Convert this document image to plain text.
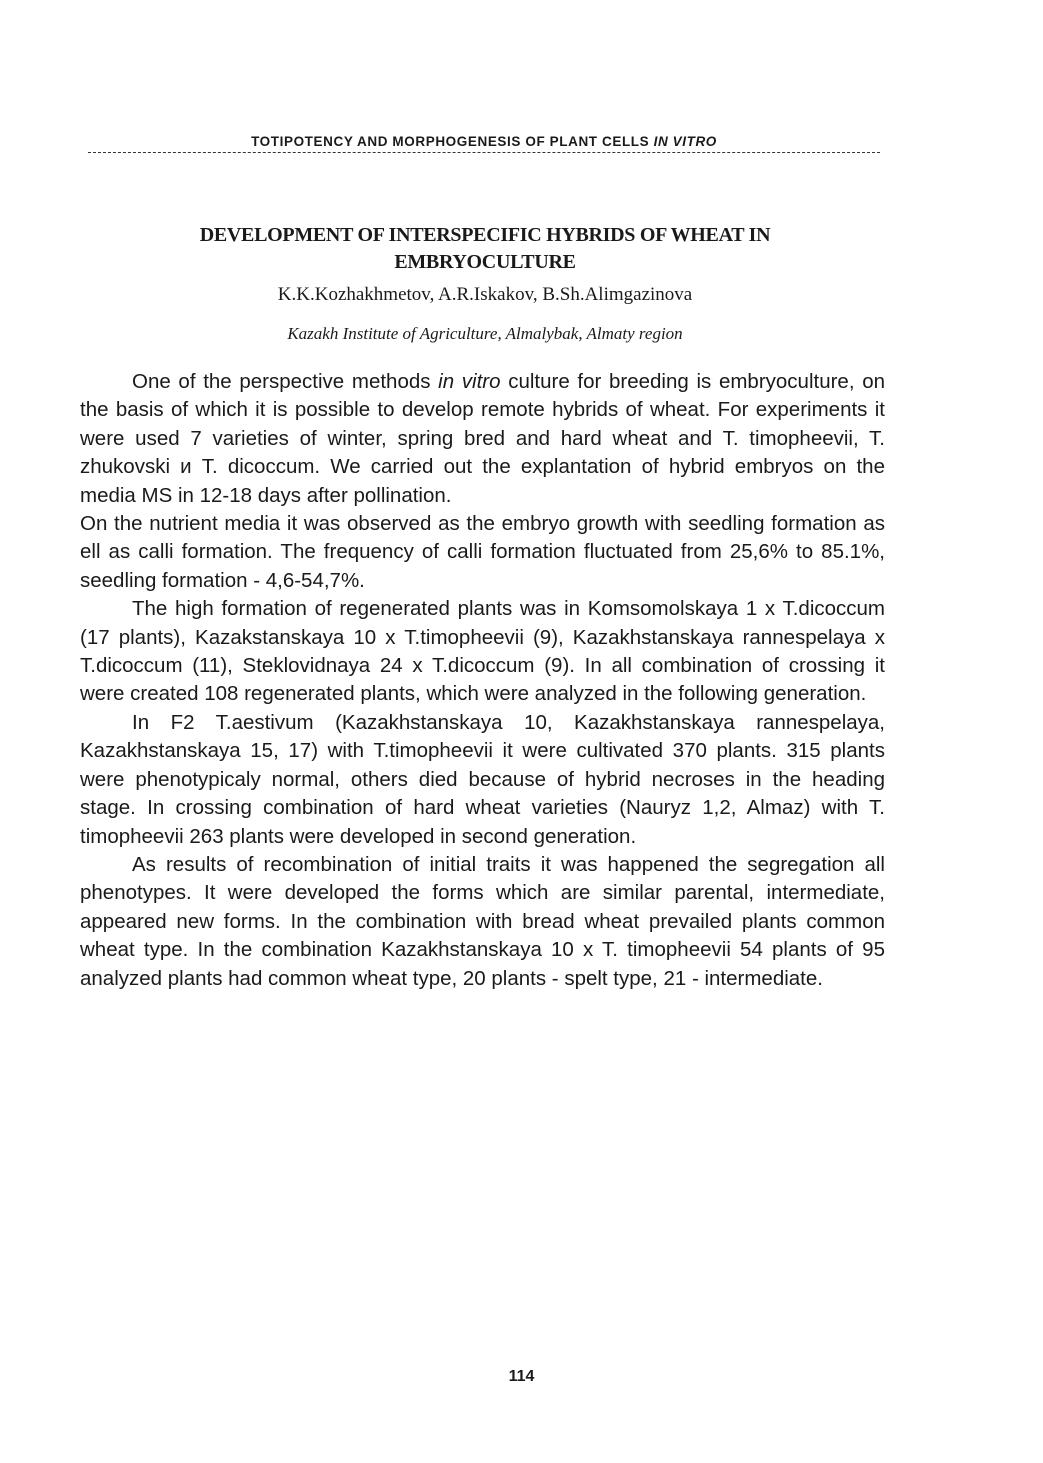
TOTIPOTENCY AND MORPHOGENESIS OF PLANT CELLS IN VITRO
DEVELOPMENT OF INTERSPECIFIC HYBRIDS OF WHEAT IN EMBRYOCULTURE
K.K.Kozhakhmetov, A.R.Iskakov, B.Sh.Alimgazinova
Kazakh Institute of Agriculture, Almalybak, Almaty region

One of the perspective methods in vitro culture for breeding is embryoculture, on the basis of which it is possible to develop remote hybrids of wheat. For experiments it were used 7 varieties of winter, spring bred and hard wheat and T. timopheevii, T. zhukovski и T. dicoccum. We carried out the explantation of hybrid embryos on the media MS in 12-18 days after pollination.

On the nutrient media it was observed as the embryo growth with seedling formation as ell as calli formation. The frequency of calli formation fluctuated from 25,6% to 85.1%, seedling formation - 4,6-54,7%.

The high formation of regenerated plants was in Komsomolskaya 1 x T.dicoccum (17 plants), Kazakstanskaya 10 x T.timopheevii (9), Kazakhstanskaya rannespelaya x T.dicoccum (11), Steklovidnaya 24 x T.dicoccum (9). In all combination of crossing it were created 108 regenerated plants, which were analyzed in the following generation.

In F2 T.aestivum (Kazakhstanskaya 10, Kazakhstanskaya rannespelaya, Kazakhstanskaya 15, 17) with T.timopheevii it were cultivated 370 plants. 315 plants were phenotypicaly normal, others died because of hybrid necroses in the heading stage. In crossing combination of hard wheat varieties (Nauryz 1,2, Almaz) with T. timopheevii 263 plants were developed in second generation.

As results of recombination of initial traits it was happened the segregation all phenotypes. It were developed the forms which are similar parental, intermediate, appeared new forms. In the combination with bread wheat prevailed plants common wheat type. In the combination Kazakhstanskaya 10 x T. timopheevii 54 plants of 95 analyzed plants had common wheat type, 20 plants - spelt type, 21 - intermediate.

114
